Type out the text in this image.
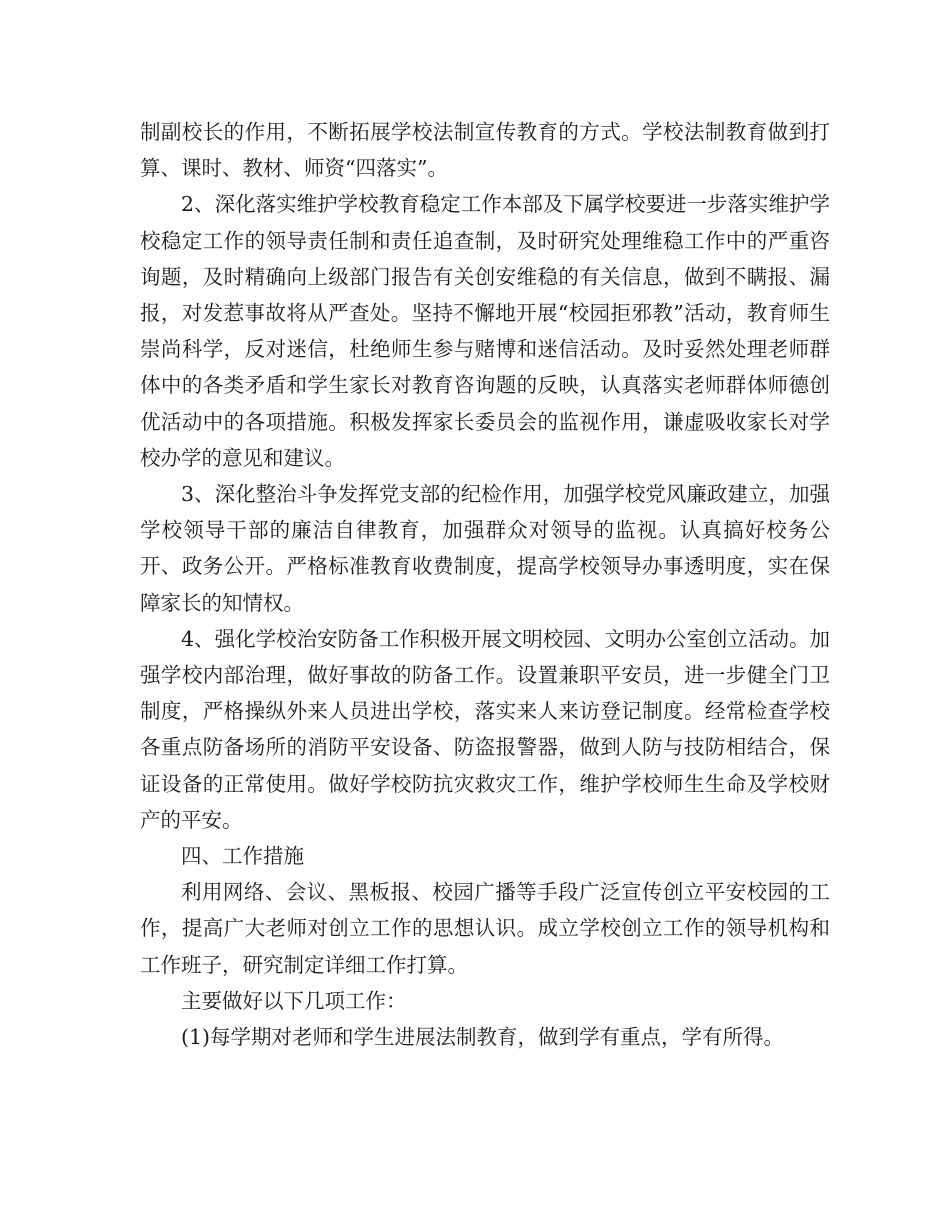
制副校长的作用，不断拓展学校法制宣传教育的方式。学校法制教育做到打算、课时、教材、师资“四落实”。

2、深化落实维护学校教育稳定工作本部及下属学校要进一步落实维护学校稳定工作的领导责任制和责任追查制，及时研究处理维稳工作中的严重咨询题，及时精确向上级部门报告有关创安维稳的有关信息，做到不瞒报、漏报，对发惹事故将从严查处。坚持不懈地开展“校园拒邪教”活动，教育师生崇尚科学，反对迷信，杜绝师生参与赌博和迷信活动。及时妥然处理老师群体中的各类矛盾和学生家长对教育咨询题的反映，认真落实老师群体师德创优活动中的各项措施。积极发挥家长委员会的监视作用，谦虚吸收家长对学校办学的意见和建议。

3、深化整治斗争发挥党支部的纪检作用，加强学校党风廉政建立，加强学校领导干部的廉洁自律教育，加强群众对领导的监视。认真搞好校务公开、政务公开。严格标准教育收费制度，提高学校领导办事透明度，实在保障家长的知情权。

4、强化学校治安防备工作积极开展文明校园、文明办公室创立活动。加强学校内部治理，做好事故的防备工作。设置兼职平安员，进一步健全门卫制度，严格操纵外来人员进出学校，落实来人来访登记制度。经常检查学校各重点防备场所的消防平安设备、防盗报警器，做到人防与技防相结合，保证设备的正常使用。做好学校防抗灾救灾工作，维护学校师生生命及学校财产的平安。

四、工作措施

利用网络、会议、黑板报、校园广播等手段广泛宣传创立平安校园的工作，提高广大老师对创立工作的思想认识。成立学校创立工作的领导机构和工作班子，研究制定详细工作打算。

主要做好以下几项工作：

(1)每学期对老师和学生进展法制教育，做到学有重点，学有所得。
